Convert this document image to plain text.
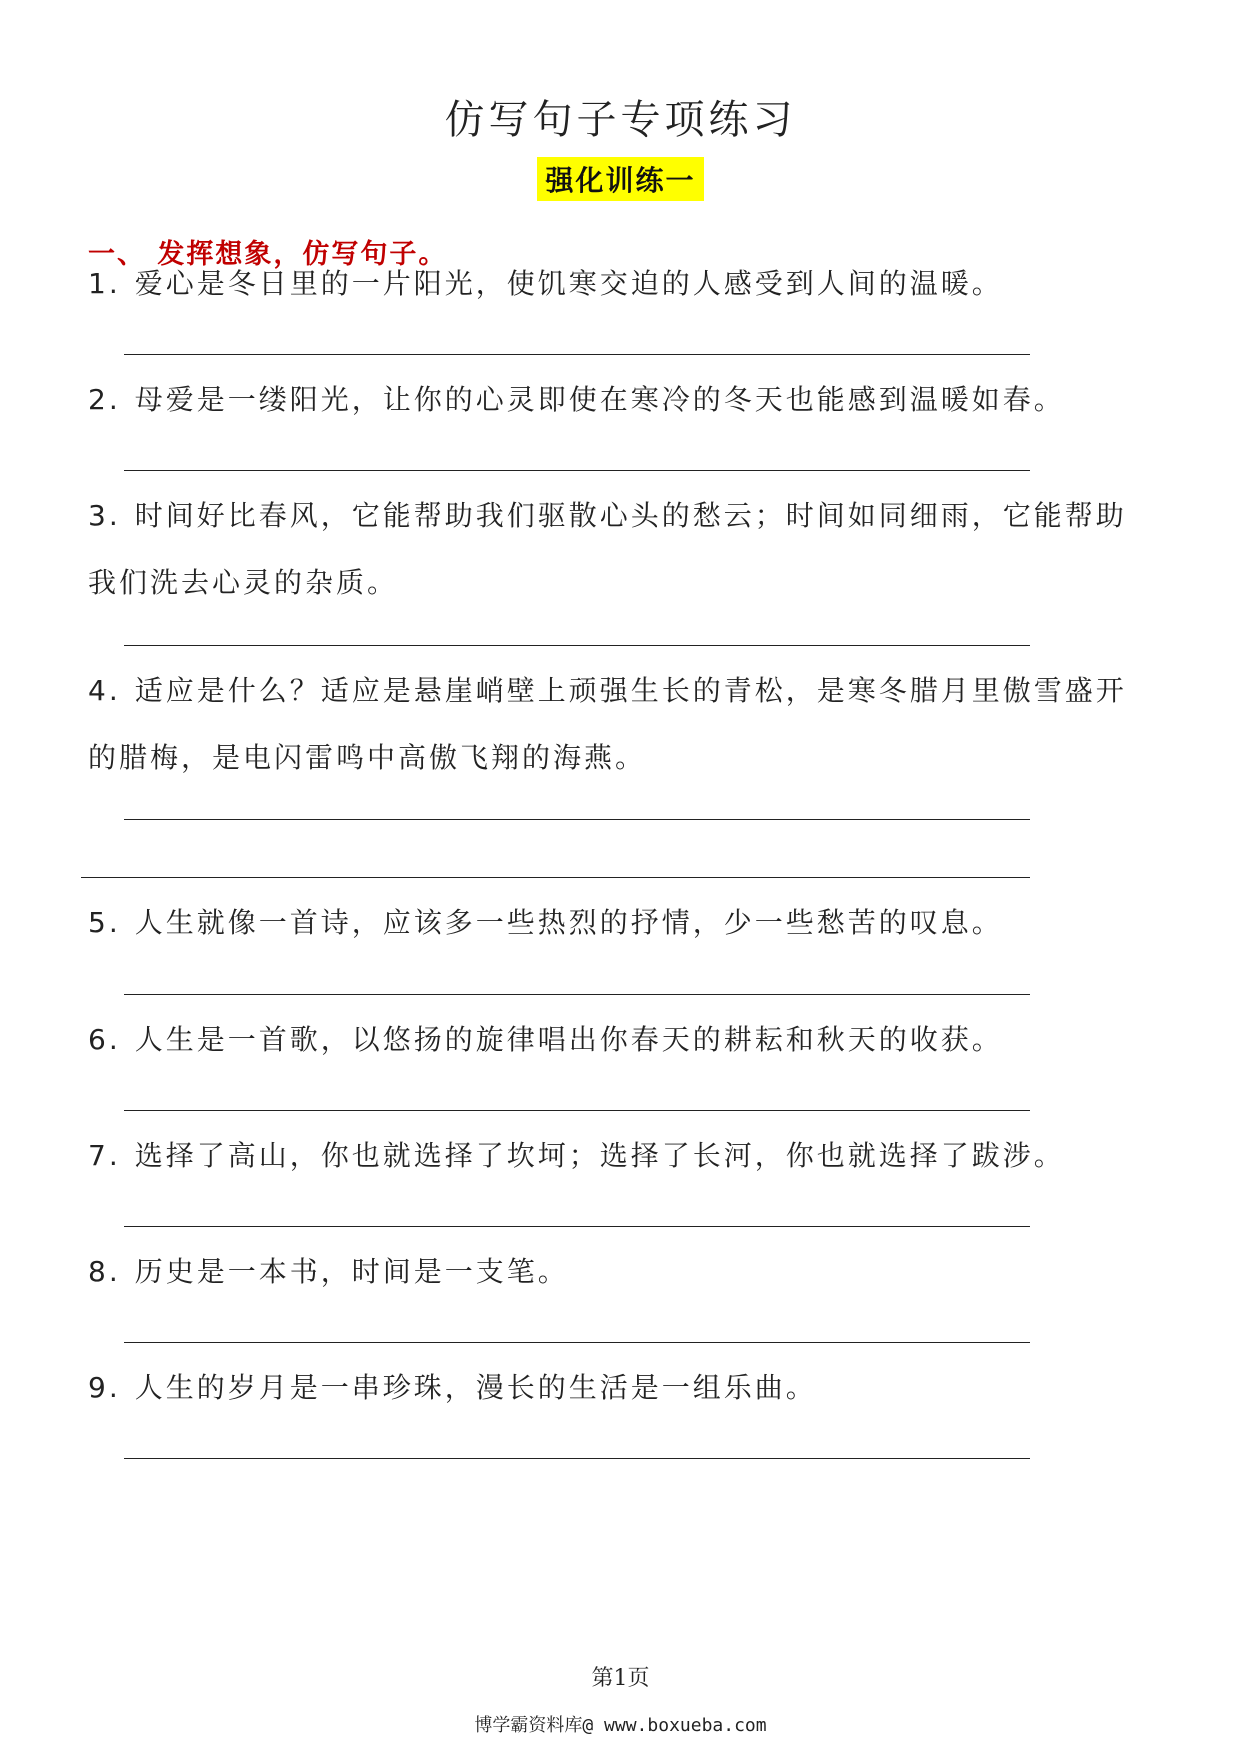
仿写句子专项练习
强化训练一
一、 发挥想象，仿写句子。
1. 爱心是冬日里的一片阳光，使饥寒交迫的人感受到人间的温暖。
2. 母爱是一缕阳光，让你的心灵即使在寒冷的冬天也能感到温暖如春。
3. 时间好比春风，它能帮助我们驱散心头的愁云；时间如同细雨，它能帮助我们洗去心灵的杂质。
4. 适应是什么？适应是悬崖峭壁上顽强生长的青松，是寒冬腊月里傲雪盛开的腊梅，是电闪雷鸣中高傲飞翔的海燕。
5. 人生就像一首诗，应该多一些热烈的抒情，少一些愁苦的叹息。
6. 人生是一首歌，以悠扬的旋律唱出你春天的耕耘和秋天的收获。
7. 选择了高山，你也就选择了坎坷；选择了长河，你也就选择了跋涉。
8. 历史是一本书，时间是一支笔。
9. 人生的岁月是一串珍珠，漫长的生活是一组乐曲。
第1页
博学霸资料库@ www.boxueba.com
